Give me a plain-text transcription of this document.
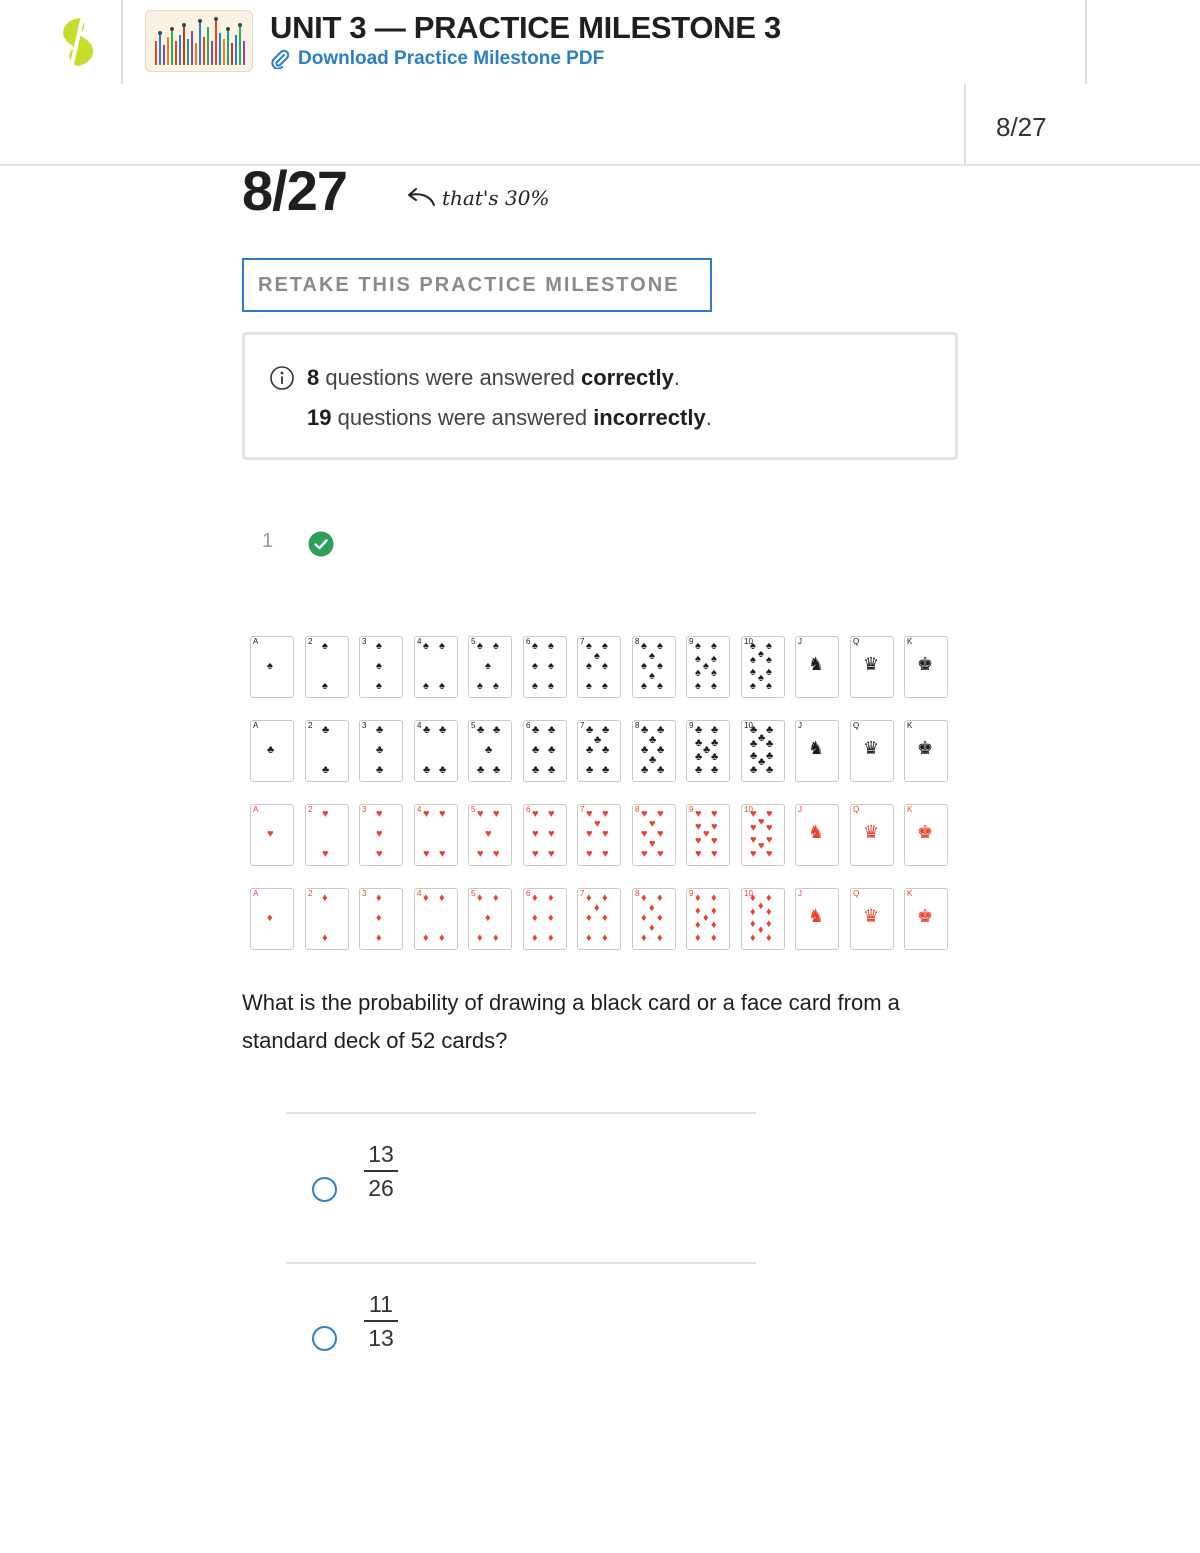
UNIT 3 — PRACTICE MILESTONE 3
Download Practice Milestone PDF
8/27
8/27	that's 30%
RETAKE THIS PRACTICE MILESTONE
8 questions were answered correctly.
19 questions were answered incorrectly.
1
A
♠
2 ♠
♠
3 ♠
♠
♠
4 ♠ ♠
♠ ♠
5 ♠ ♠
♠
♠ ♠
6 ♠ ♠
♠ ♠
♠ ♠
7 ♠ ♠
♠
♠ ♠
♠ ♠
8 ♠ ♠
♠
♠ ♠
♠
♠ ♠
9 ♠ ♠
♠ ♠
♠
♠ ♠
♠ ♠
10
♠ ♠
♠
♠ ♠
♠ ♠
♠
♠ ♠
J
♞
Q
♛
K
♚
A
♣
2 ♣
♣
3 ♣
♣
♣
4 ♣ ♣
♣ ♣
5 ♣ ♣
♣
♣ ♣
6 ♣ ♣
♣ ♣
♣ ♣
7 ♣ ♣
♣
♣ ♣
♣ ♣
8 ♣ ♣
♣
♣ ♣
♣
♣ ♣
9 ♣ ♣
♣ ♣
♣
♣ ♣
♣ ♣
10
♣ ♣
♣
♣ ♣
♣ ♣
♣
♣ ♣
J
♞
Q
♛
K
♚
A
♥
2 ♥
♥
3 ♥
♥
♥
4 ♥ ♥
♥ ♥
5 ♥ ♥
♥
♥ ♥
6 ♥ ♥
♥ ♥
♥ ♥
7 ♥ ♥
♥
♥ ♥
♥ ♥
8 ♥ ♥
♥
♥ ♥
♥
♥ ♥
9 ♥ ♥
♥ ♥
♥
♥ ♥
♥ ♥
10
♥ ♥
♥
♥ ♥
♥ ♥
♥
♥ ♥
J
♞
Q
♛
K
♚
A
♦
2 ♦
♦
3 ♦
♦
♦
4 ♦ ♦
♦ ♦
5 ♦ ♦
♦
♦ ♦
6 ♦ ♦
♦ ♦
♦ ♦
7 ♦ ♦
♦
♦ ♦
♦ ♦
8 ♦ ♦
♦
♦ ♦
♦
♦ ♦
9 ♦ ♦
♦ ♦
♦
♦ ♦
♦ ♦
10
♦ ♦
♦
♦ ♦
♦ ♦
♦
♦ ♦
J
♞
Q
♛
K
♚
What is the probability of drawing a black card or a face card from a standard deck of 52 cards?
13
26
11
13
